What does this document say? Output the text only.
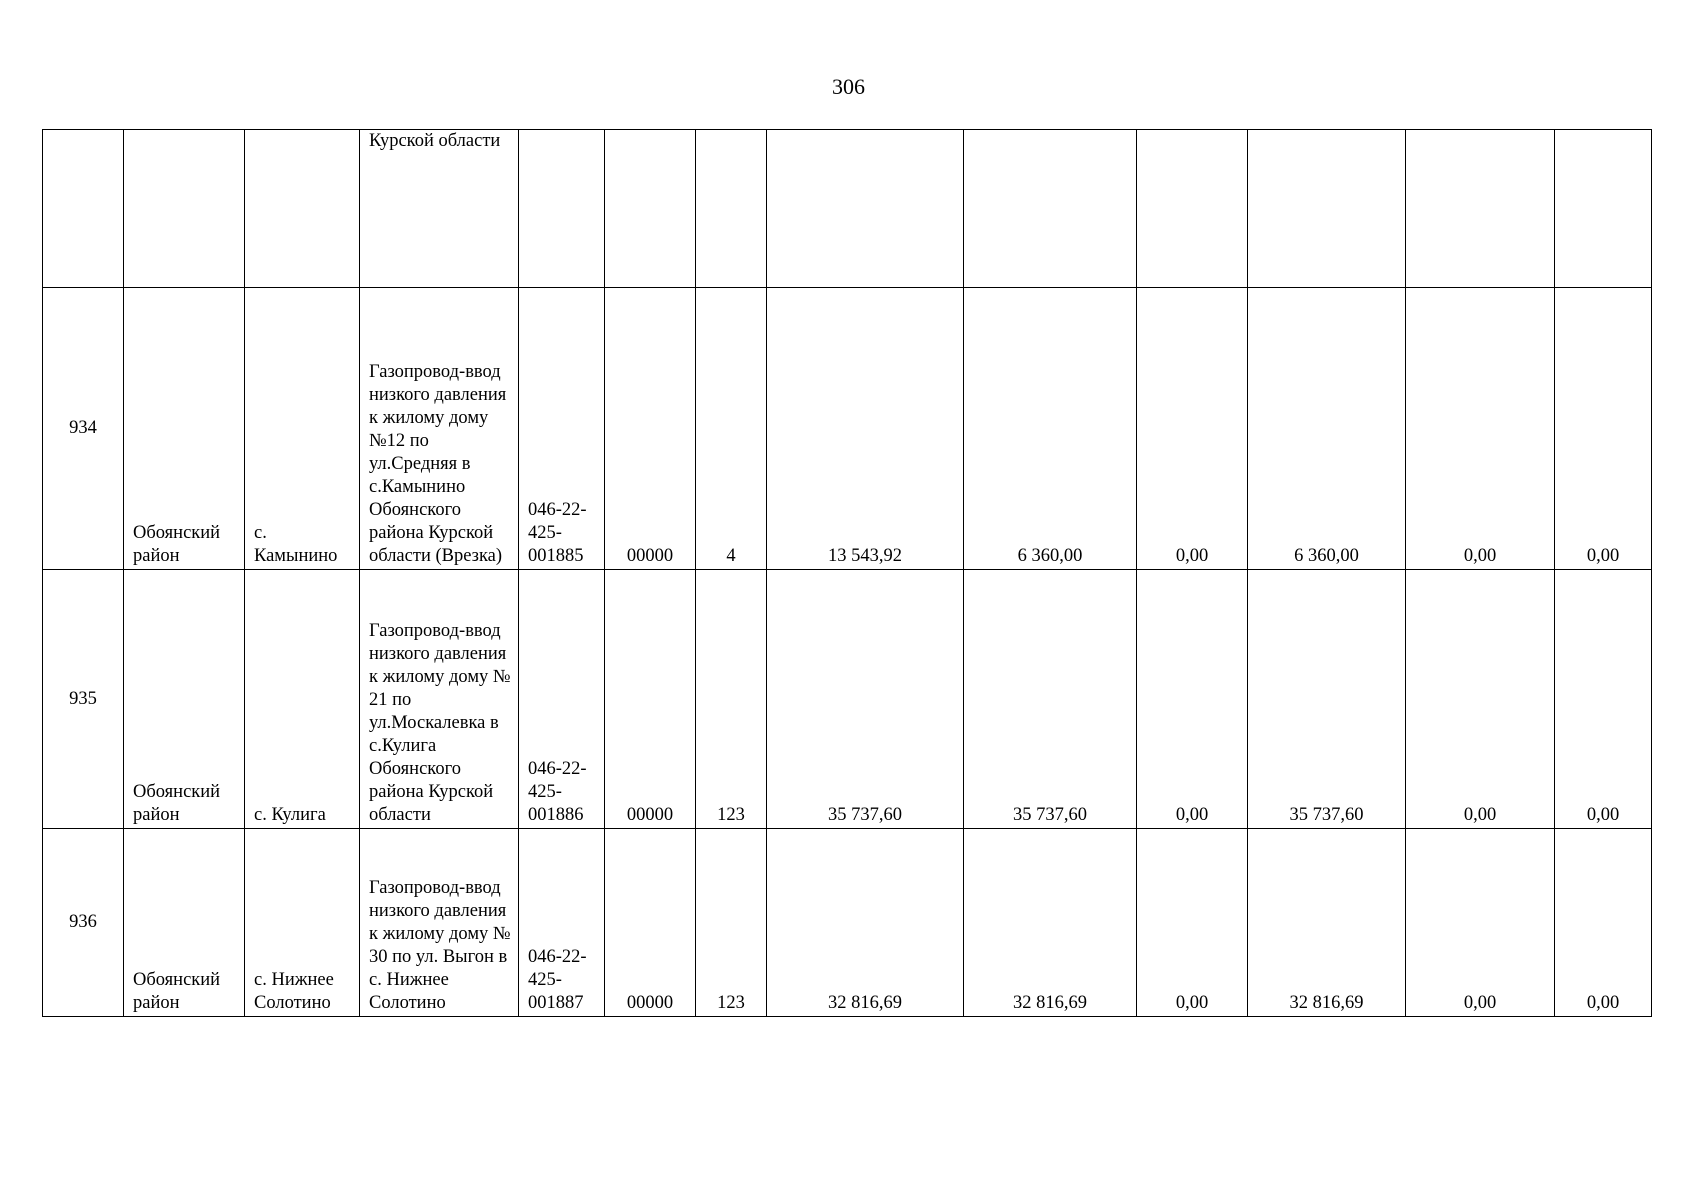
306
			Курской области									
934	Обоянский район	с. Камынино	Газопровод-ввод низкого давления к жилому дому №12 по ул.Средняя в с.Камынино Обоянского района Курской области (Врезка)	046-22-425-001885	00000	4	13 543,92	6 360,00	0,00	6 360,00	0,00	0,00
935	Обоянский район	с. Кулига	Газопровод-ввод низкого давления к жилому дому № 21 по ул.Москалевка в с.Кулига Обоянского района Курской области	046-22-425-001886	00000	123	35 737,60	35 737,60	0,00	35 737,60	0,00	0,00
936	Обоянский район	с. Нижнее Солотино	Газопровод-ввод низкого давления к жилому дому № 30 по ул. Выгон в с. Нижнее Солотино	046-22-425-001887	00000	123	32 816,69	32 816,69	0,00	32 816,69	0,00	0,00
